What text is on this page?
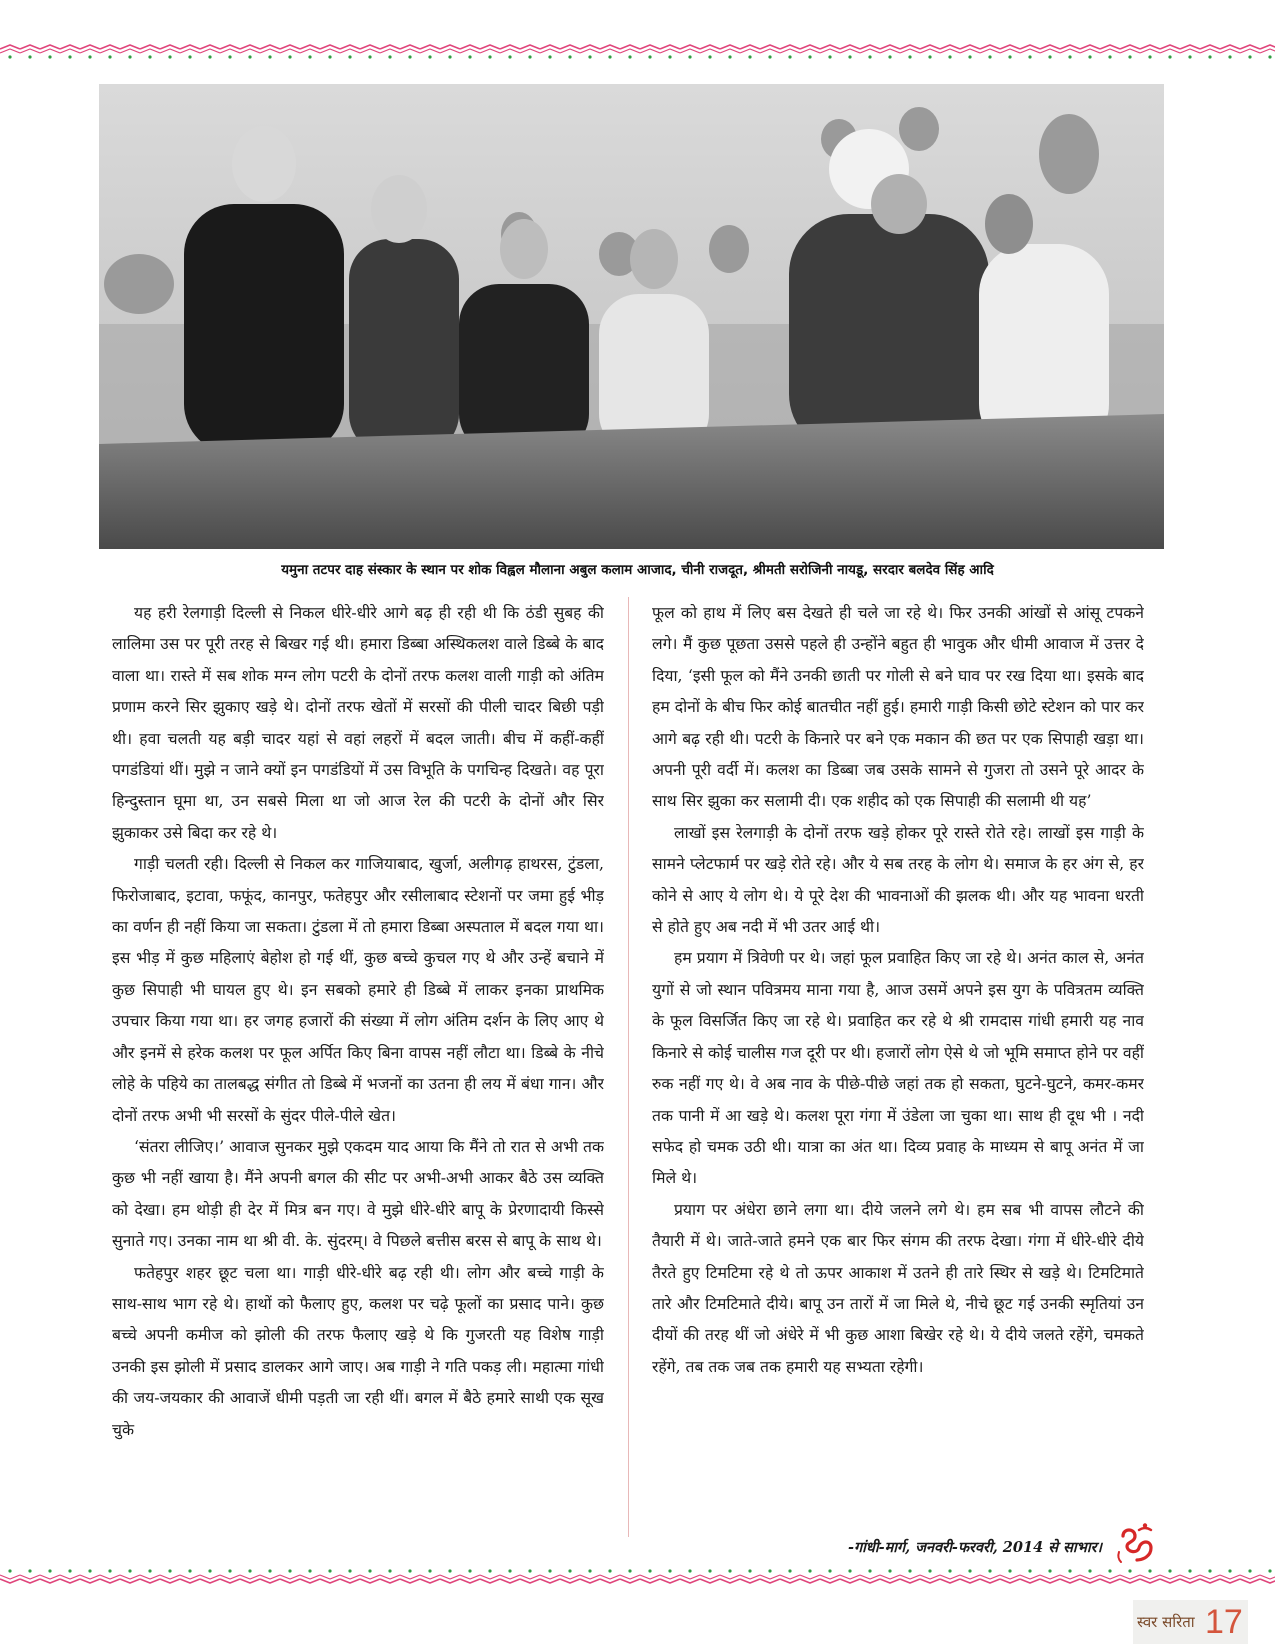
यमुना तटपर दाह संस्कार के स्थान पर शोक विह्वल मौलाना अबुल कलाम आजाद, चीनी राजदूत, श्रीमती सरोजिनी नायडू, सरदार बलदेव सिंह आदि

यह हरी रेलगाड़ी दिल्ली से निकल धीरे-धीरे आगे बढ़ ही रही थी कि ठंडी सुबह की लालिमा उस पर पूरी तरह से बिखर गई थी। हमारा डिब्बा अस्थिकलश वाले डिब्बे के बाद वाला था। रास्ते में सब शोक मग्न लोग पटरी के दोनों तरफ कलश वाली गाड़ी को अंतिम प्रणाम करने सिर झुकाए खड़े थे। दोनों तरफ खेतों में सरसों की पीली चादर बिछी पड़ी थी। हवा चलती यह बड़ी चादर यहां से वहां लहरों में बदल जाती। बीच में कहीं-कहीं पगडंडियां थीं। मुझे न जाने क्यों इन पगडंडियों में उस विभूति के पगचिन्ह दिखते। वह पूरा हिन्दुस्तान घूमा था, उन सबसे मिला था जो आज रेल की पटरी के दोनों और सिर झुकाकर उसे बिदा कर रहे थे।

गाड़ी चलती रही। दिल्ली से निकल कर गाजियाबाद, खुर्जा, अलीगढ़ हाथरस, टुंडला, फिरोजाबाद, इटावा, फफूंद, कानपुर, फतेहपुर और रसीलाबाद स्टेशनों पर जमा हुई भीड़ का वर्णन ही नहीं किया जा सकता। टुंडला में तो हमारा डिब्बा अस्पताल में बदल गया था। इस भीड़ में कुछ महिलाएं बेहोश हो गई थीं, कुछ बच्चे कुचल गए थे और उन्हें बचाने में कुछ सिपाही भी घायल हुए थे। इन सबको हमारे ही डिब्बे में लाकर इनका प्राथमिक उपचार किया गया था। हर जगह हजारों की संख्या में लोग अंतिम दर्शन के लिए आए थे और इनमें से हरेक कलश पर फूल अर्पित किए बिना वापस नहीं लौटा था। डिब्बे के नीचे लोहे के पहिये का तालबद्ध संगीत तो डिब्बे में भजनों का उतना ही लय में बंधा गान। और दोनों तरफ अभी भी सरसों के सुंदर पीले-पीले खेत।

‘संतरा लीजिए।’ आवाज सुनकर मुझे एकदम याद आया कि मैंने तो रात से अभी तक कुछ भी नहीं खाया है। मैंने अपनी बगल की सीट पर अभी-अभी आकर बैठे उस व्यक्ति को देखा। हम थोड़ी ही देर में मित्र बन गए। वे मुझे धीरे-धीरे बापू के प्रेरणादायी किस्से सुनाते गए। उनका नाम था श्री वी. के. सुंदरम्। वे पिछले बत्तीस बरस से बापू के साथ थे।

फतेहपुर शहर छूट चला था। गाड़ी धीरे-धीरे बढ़ रही थी। लोग और बच्चे गाड़ी के साथ-साथ भाग रहे थे। हाथों को फैलाए हुए, कलश पर चढ़े फूलों का प्रसाद पाने। कुछ बच्चे अपनी कमीज को झोली की तरफ फैलाए खड़े थे कि गुजरती यह विशेष गाड़ी उनकी इस झोली में प्रसाद डालकर आगे जाए। अब गाड़ी ने गति पकड़ ली। महात्मा गांधी की जय-जयकार की आवाजें धीमी पड़ती जा रही थीं। बगल में बैठे हमारे साथी एक सूख चुके

फूल को हाथ में लिए बस देखते ही चले जा रहे थे। फिर उनकी आंखों से आंसू टपकने लगे। मैं कुछ पूछता उससे पहले ही उन्होंने बहुत ही भावुक और धीमी आवाज में उत्तर दे दिया, ‘इसी फूल को मैंने उनकी छाती पर गोली से बने घाव पर रख दिया था। इसके बाद हम दोनों के बीच फिर कोई बातचीत नहीं हुई। हमारी गाड़ी किसी छोटे स्टेशन को पार कर आगे बढ़ रही थी। पटरी के किनारे पर बने एक मकान की छत पर एक सिपाही खड़ा था। अपनी पूरी वर्दी में। कलश का डिब्बा जब उसके सामने से गुजरा तो उसने पूरे आदर के साथ सिर झुका कर सलामी दी। एक शहीद को एक सिपाही की सलामी थी यह’

लाखों इस रेलगाड़ी के दोनों तरफ खड़े होकर पूरे रास्ते रोते रहे। लाखों इस गाड़ी के सामने प्लेटफार्म पर खड़े रोते रहे। और ये सब तरह के लोग थे। समाज के हर अंग से, हर कोने से आए ये लोग थे। ये पूरे देश की भावनाओं की झलक थी। और यह भावना धरती से होते हुए अब नदी में भी उतर आई थी।

हम प्रयाग में त्रिवेणी पर थे। जहां फूल प्रवाहित किए जा रहे थे। अनंत काल से, अनंत युगों से जो स्थान पवित्रमय माना गया है, आज उसमें अपने इस युग के पवित्रतम व्यक्ति के फूल विसर्जित किए जा रहे थे। प्रवाहित कर रहे थे श्री रामदास गांधी हमारी यह नाव किनारे से कोई चालीस गज दूरी पर थी। हजारों लोग ऐसे थे जो भूमि समाप्त होने पर वहीं रुक नहीं गए थे। वे अब नाव के पीछे-पीछे जहां तक हो सकता, घुटने-घुटने, कमर-कमर तक पानी में आ खड़े थे। कलश पूरा गंगा में उंडेला जा चुका था। साथ ही दूध भी । नदी सफेद हो चमक उठी थी। यात्रा का अंत था। दिव्य प्रवाह के माध्यम से बापू अनंत में जा मिले थे।

प्रयाग पर अंधेरा छाने लगा था। दीये जलने लगे थे। हम सब भी वापस लौटने की तैयारी में थे। जाते-जाते हमने एक बार फिर संगम की तरफ देखा। गंगा में धीरे-धीरे दीये तैरते हुए टिमटिमा रहे थे तो ऊपर आकाश में उतने ही तारे स्थिर से खड़े थे। टिमटिमाते तारे और टिमटिमाते दीये। बापू उन तारों में जा मिले थे, नीचे छूट गई उनकी स्मृतियां उन दीयों की तरह थीं जो अंधेरे में भी कुछ आशा बिखेर रहे थे। ये दीये जलते रहेंगे, चमकते रहेंगे, तब तक जब तक हमारी यह सभ्यता रहेगी।

-गांधी-मार्ग, जनवरी-फरवरी, 2014 से साभार।
स्वर सरिता 17
